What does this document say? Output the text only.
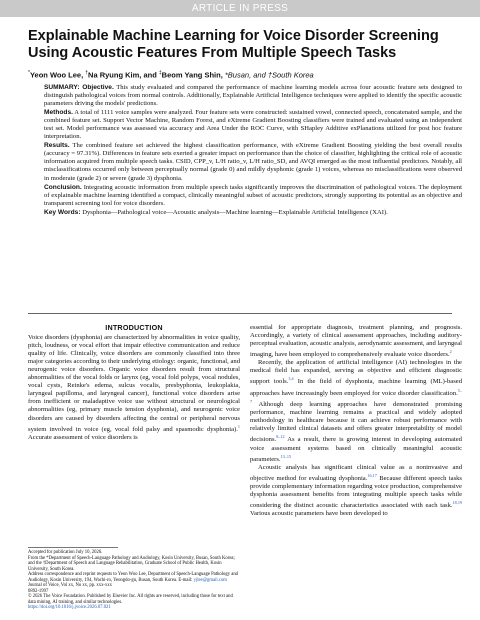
ARTICLE IN PRESS
Explainable Machine Learning for Voice Disorder Screening Using Acoustic Features From Multiple Speech Tasks
*Yeon Woo Lee, †Na Ryung Kim, and ‡Beom Yang Shin, *Busan, and †South Korea

SUMMARY: Objective. This study evaluated and compared the performance of machine learning models across four acoustic feature sets designed to distinguish pathological voices from normal controls. Additionally, Explainable Artificial Intelligence techniques were applied to identify the specific acoustic parameters driving the models' predictions.

Methods. A total of 1111 voice samples were analyzed. Four feature sets were constructed: sustained vowel, connected speech, concatenated sample, and the combined feature set. Support Vector Machine, Random Forest, and eXtreme Gradient Boosting classifiers were trained and evaluated using an independent test set. Model performance was assessed via accuracy and Area Under the ROC Curve, with SHapley Additive exPlanations utilized for post hoc feature interpretation.

Results. The combined feature set achieved the highest classification performance, with eXtreme Gradient Boosting yielding the best overall results (accuracy = 97.31%). Differences in feature sets exerted a greater impact on performance than the choice of classifier, highlighting the critical role of acoustic information acquired from multiple speech tasks. CSID, CPP_v, L/H ratio_v, L/H ratio_SD, and AVQI emerged as the most influential predictors. Notably, all misclassifications occurred only between perceptually normal (grade 0) and mildly dysphonic (grade 1) voices, whereas no misclassifications were observed in moderate (grade 2) or severe (grade 3) dysphonia.

Conclusion. Integrating acoustic information from multiple speech tasks significantly improves the discrimination of pathological voices. The deployment of explainable machine learning identified a compact, clinically meaningful subset of acoustic predictors, strongly supporting its potential as an objective and transparent screening tool for voice disorders.

Key Words: Dysphonia—Pathological voice—Acoustic analysis—Machine learning—Explainable Artificial Intelligence (XAI).

INTRODUCTION

Voice disorders (dysphonia) are characterized by abnormalities in voice quality, pitch, loudness, or vocal effort that impair effective communication and reduce quality of life. Clinically, voice disorders are commonly classified into three major categories according to their underlying etiology: organic, functional, and neurogenic voice disorders. Organic voice disorders result from structural abnormalities of the vocal folds or larynx (eg, vocal fold polyps, vocal nodules, vocal cysts, Reinke's edema, sulcus vocalis, presbyphonia, leukoplakia, laryngeal papilloma, and laryngeal cancer), functional voice disorders arise from inefficient or maladaptive voice use without structural or neurological abnormalities (eg, primary muscle tension dysphonia), and neurogenic voice disorders are caused by disorders affecting the central or peripheral nervous system involved in voice (eg, vocal fold palsy and spasmodic dysphonia).$^1$ Accurate assessment of voice disorders is

essential for appropriate diagnosis, treatment planning, and prognosis. Accordingly, a variety of clinical assessment approaches, including auditory-perceptual evaluation, acoustic analysis, aerodynamic assessment, and laryngeal imaging, have been employed to comprehensively evaluate voice disorders.$^2$

Recently, the application of artificial intelligence (AI) technologies in the medical field has expanded, serving as objective and efficient diagnostic support tools.$^{3,4}$ In the field of dysphonia, machine learning (ML)-based approaches have increasingly been employed for voice disorder classification.$^{5-7}$ Although deep learning approaches have demonstrated promising performance, machine learning remains a practical and widely adopted methodology in healthcare because it can achieve robust performance with relatively limited clinical datasets and offers greater interpretability of model decisions.$^{8-12}$ As a result, there is growing interest in developing automated voice assessment systems based on clinically meaningful acoustic parameters.$^{13-15}$

Acoustic analysis has significant clinical value as a noninvasive and objective method for evaluating dysphonia.$^{16,17}$ Because different speech tasks provide complementary information regarding voice production, comprehensive dysphonia assessment benefits from integrating multiple speech tasks while considering the distinct acoustic characteristics associated with each task.$^{18,19}$ Various acoustic parameters have been developed to

Accepted for publication July 10, 2026.
From the *Department of Speech-Language Pathology and Audiology, Kosin University, Busan, South Korea; and the †Department of Speech and Language Rehabilitation, Graduate School of Public Health, Kosin University, South Korea.
Address correspondence and reprint requests to Yeon Woo Lee, Department of Speech-Language Pathology and Audiology, Kosin University, 194, Wachi-ro, Yeongdo-gu, Busan, South Korea. E-mail: yjlee@gmail.com
Journal of Voice, Vol xx, No xx, pp. xxx-xxx
0892-1997
© 2026 The Voice Foundation. Published by Elsevier Inc. All rights are reserved, including those for text and data mining, AI training, and similar technologies.
https://doi.org/10.1016/j.jvoice.2026.07.021
